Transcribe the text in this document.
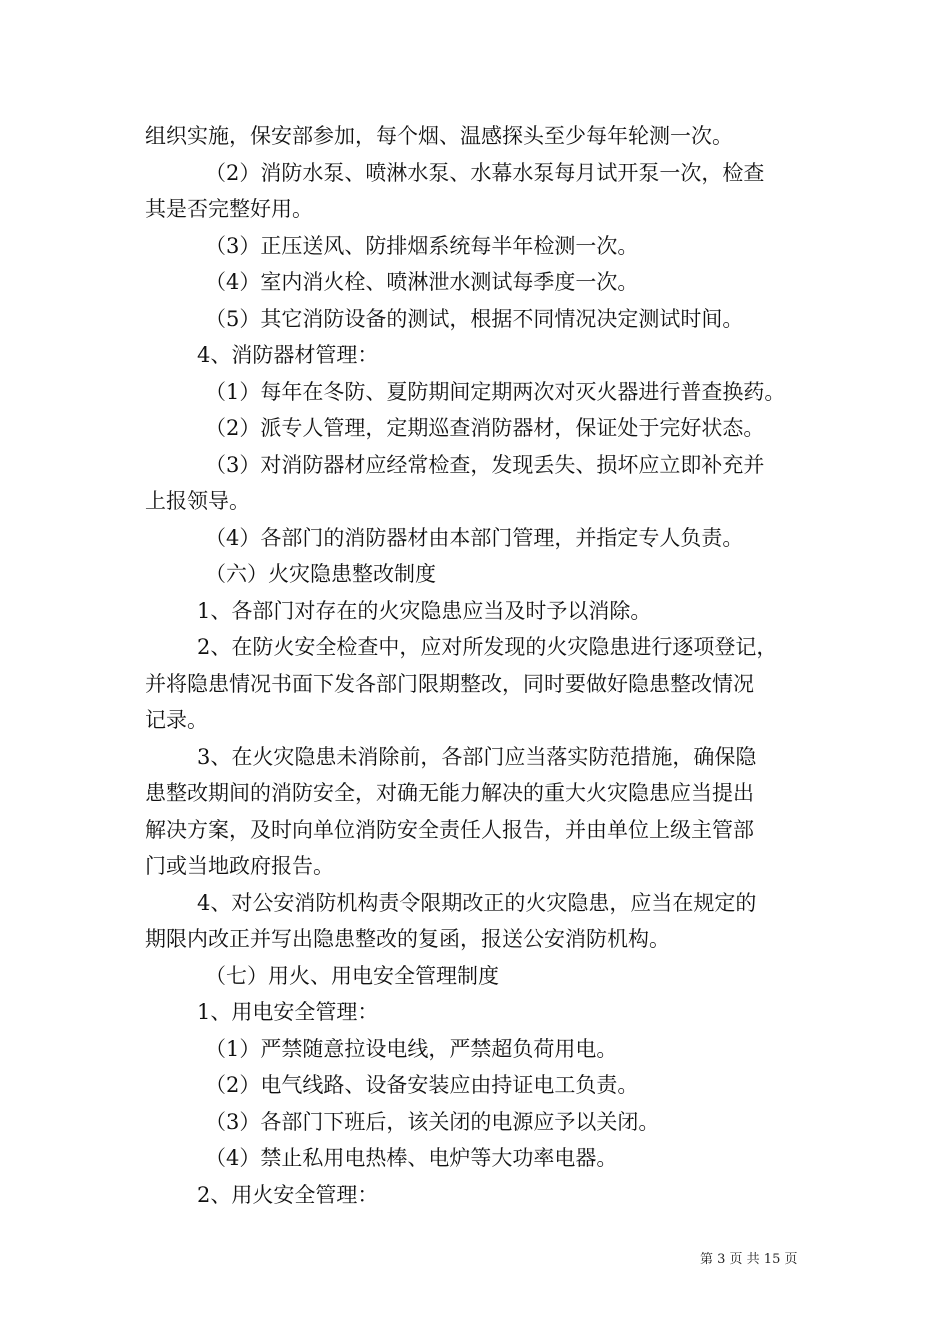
组织实施，保安部参加，每个烟、温感探头至少每年轮测一次。

（2）消防水泵、喷淋水泵、水幕水泵每月试开泵一次，检查

其是否完整好用。

（3）正压送风、防排烟系统每半年检测一次。

（4）室内消火栓、喷淋泄水测试每季度一次。

（5）其它消防设备的测试，根据不同情况决定测试时间。

4、消防器材管理：

（1）每年在冬防、夏防期间定期两次对灭火器进行普查换药。

（2）派专人管理，定期巡查消防器材，保证处于完好状态。

（3）对消防器材应经常检查，发现丢失、损坏应立即补充并

上报领导。

（4）各部门的消防器材由本部门管理，并指定专人负责。

（六）火灾隐患整改制度

1、各部门对存在的火灾隐患应当及时予以消除。

2、在防火安全检查中，应对所发现的火灾隐患进行逐项登记，

并将隐患情况书面下发各部门限期整改，同时要做好隐患整改情况

记录。

3、在火灾隐患未消除前，各部门应当落实防范措施，确保隐

患整改期间的消防安全，对确无能力解决的重大火灾隐患应当提出

解决方案，及时向单位消防安全责任人报告，并由单位上级主管部

门或当地政府报告。

4、对公安消防机构责令限期改正的火灾隐患，应当在规定的

期限内改正并写出隐患整改的复函，报送公安消防机构。

（七）用火、用电安全管理制度

1、用电安全管理：

（1）严禁随意拉设电线，严禁超负荷用电。

（2）电气线路、设备安装应由持证电工负责。

（3）各部门下班后，该关闭的电源应予以关闭。

（4）禁止私用电热棒、电炉等大功率电器。

2、用火安全管理：

第 3 页 共 15 页
